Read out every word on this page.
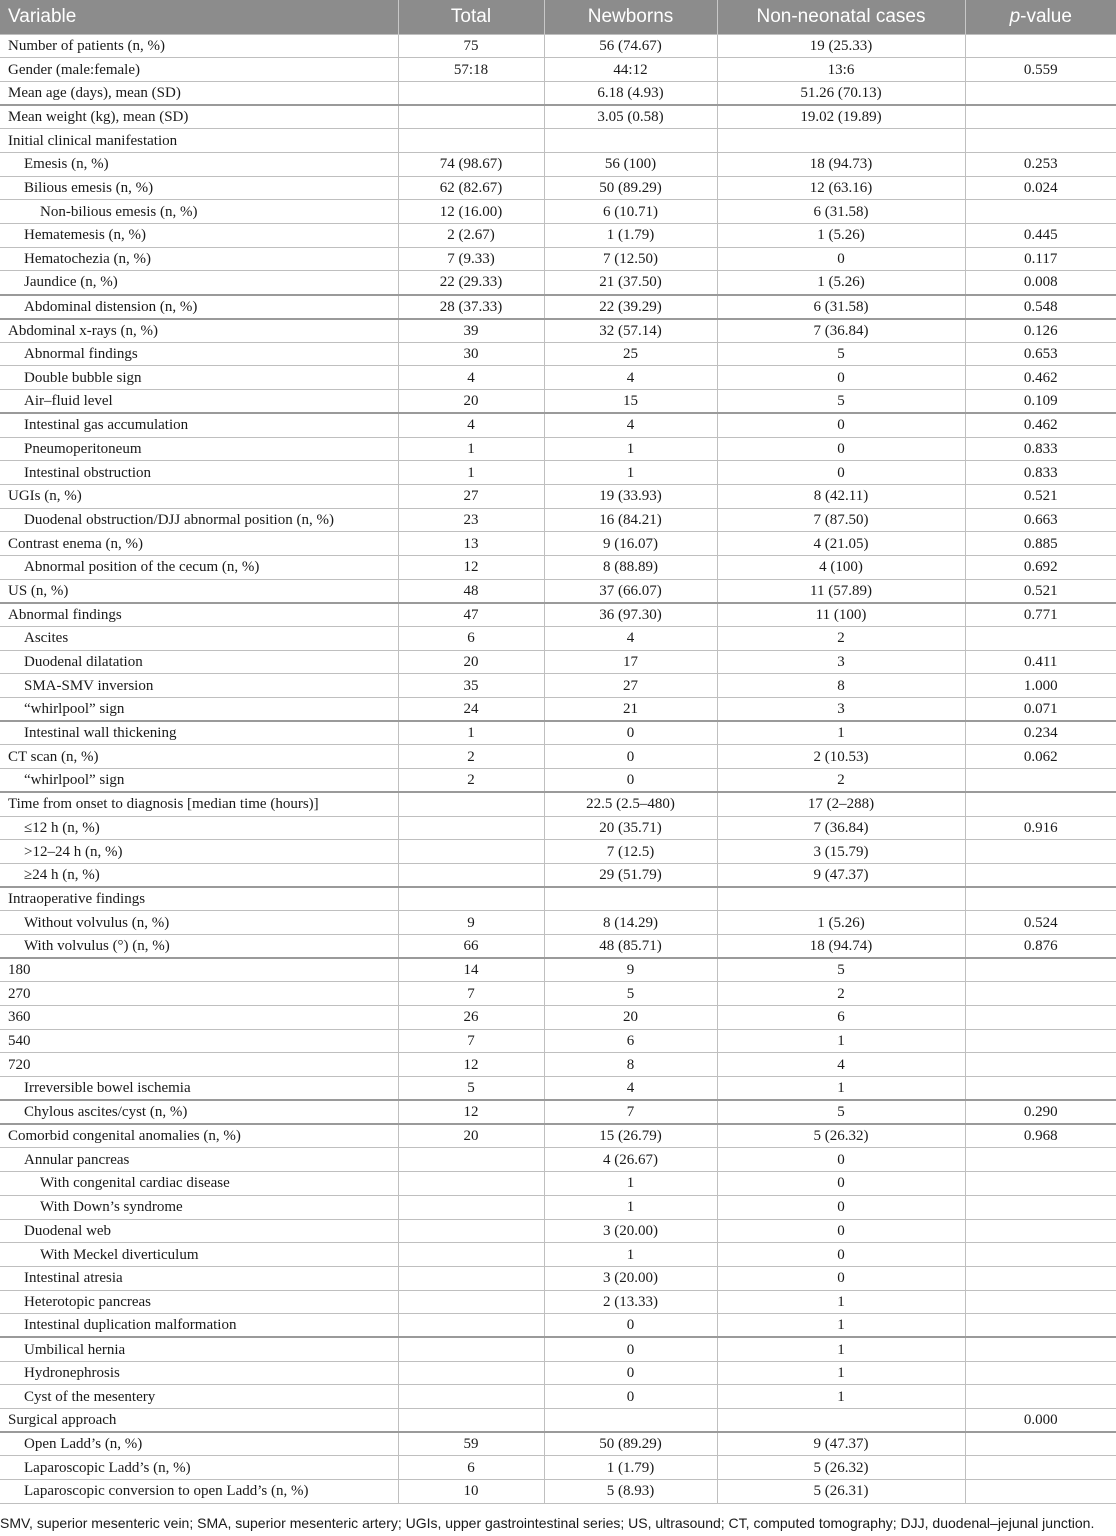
Variable	Total	Newborns	Non-neonatal cases	p-value
Number of patients (n, %)	75	56 (74.67)	19 (25.33)	
Gender (male:female)	57:18	44:12	13:6	0.559
Mean age (days), mean (SD)		6.18 (4.93)	51.26 (70.13)	
Mean weight (kg), mean (SD)		3.05 (0.58)	19.02 (19.89)	
Initial clinical manifestation				
Emesis (n, %)	74 (98.67)	56 (100)	18 (94.73)	0.253
Bilious emesis (n, %)	62 (82.67)	50 (89.29)	12 (63.16)	0.024
Non-bilious emesis (n, %)	12 (16.00)	6 (10.71)	6 (31.58)	
Hematemesis (n, %)	2 (2.67)	1 (1.79)	1 (5.26)	0.445
Hematochezia (n, %)	7 (9.33)	7 (12.50)	0	0.117
Jaundice (n, %)	22 (29.33)	21 (37.50)	1 (5.26)	0.008
Abdominal distension (n, %)	28 (37.33)	22 (39.29)	6 (31.58)	0.548
Abdominal x-rays (n, %)	39	32 (57.14)	7 (36.84)	0.126
Abnormal findings	30	25	5	0.653
Double bubble sign	4	4	0	0.462
Air–fluid level	20	15	5	0.109
Intestinal gas accumulation	4	4	0	0.462
Pneumoperitoneum	1	1	0	0.833
Intestinal obstruction	1	1	0	0.833
UGIs (n, %)	27	19 (33.93)	8 (42.11)	0.521
Duodenal obstruction/DJJ abnormal position (n, %)	23	16 (84.21)	7 (87.50)	0.663
Contrast enema (n, %)	13	9 (16.07)	4 (21.05)	0.885
Abnormal position of the cecum (n, %)	12	8 (88.89)	4 (100)	0.692
US (n, %)	48	37 (66.07)	11 (57.89)	0.521
Abnormal findings	47	36 (97.30)	11 (100)	0.771
Ascites	6	4	2	
Duodenal dilatation	20	17	3	0.411
SMA-SMV inversion	35	27	8	1.000
“whirlpool” sign	24	21	3	0.071
Intestinal wall thickening	1	0	1	0.234
CT scan (n, %)	2	0	2 (10.53)	0.062
“whirlpool” sign	2	0	2	
Time from onset to diagnosis [median time (hours)]		22.5 (2.5–480)	17 (2–288)	
≤12 h (n, %)		20 (35.71)	7 (36.84)	0.916
>12–24 h (n, %)		7 (12.5)	3 (15.79)	
≥24 h (n, %)		29 (51.79)	9 (47.37)	
Intraoperative findings				
Without volvulus (n, %)	9	8 (14.29)	1 (5.26)	0.524
With volvulus (°) (n, %)	66	48 (85.71)	18 (94.74)	0.876
180	14	9	5	
270	7	5	2	
360	26	20	6	
540	7	6	1	
720	12	8	4	
Irreversible bowel ischemia	5	4	1	
Chylous ascites/cyst (n, %)	12	7	5	0.290
Comorbid congenital anomalies (n, %)	20	15 (26.79)	5 (26.32)	0.968
Annular pancreas		4 (26.67)	0	
With congenital cardiac disease		1	0	
With Down’s syndrome		1	0	
Duodenal web		3 (20.00)	0	
With Meckel diverticulum		1	0	
Intestinal atresia		3 (20.00)	0	
Heterotopic pancreas		2 (13.33)	1	
Intestinal duplication malformation		0	1	
Umbilical hernia		0	1	
Hydronephrosis		0	1	
Cyst of the mesentery		0	1	
Surgical approach				0.000
Open Ladd’s (n, %)	59	50 (89.29)	9 (47.37)	
Laparoscopic Ladd’s (n, %)	6	1 (1.79)	5 (26.32)	
Laparoscopic conversion to open Ladd’s (n, %)	10	5 (8.93)	5 (26.31)	
SMV, superior mesenteric vein; SMA, superior mesenteric artery; UGIs, upper gastrointestinal series; US, ultrasound; CT, computed tomography; DJJ, duodenal–jejunal junction.
